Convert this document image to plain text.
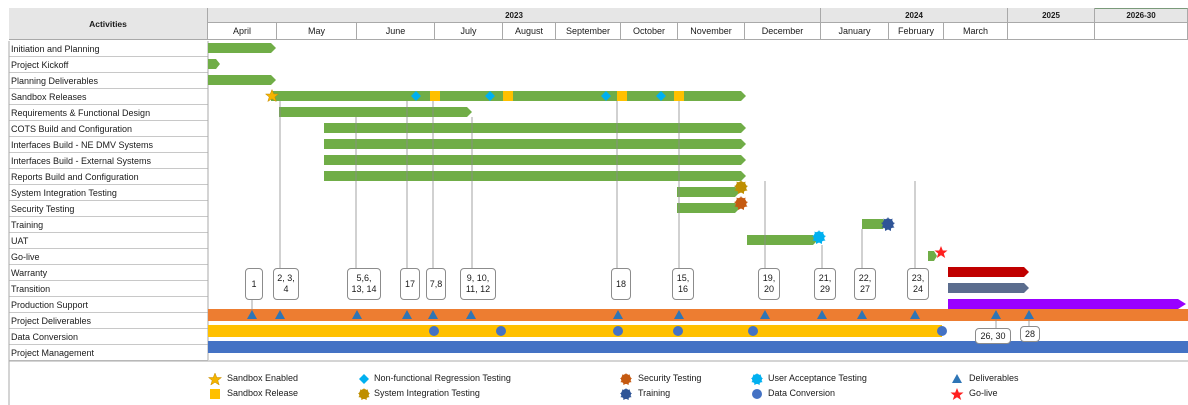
Activities
2023	2024	2025	2026-30
April	May	June	July	August	September	October	November	December	January	February	March
Initiation and Planning
Project Kickoff
Planning Deliverables
Sandbox Releases
Requirements & Functional Design
COTS Build and Configuration
Interfaces Build - NE DMV Systems
Interfaces Build - External Systems
Reports Build and Configuration
System Integration Testing
Security Testing
Training
UAT
Go-live
Warranty
Transition
Production Support
Project Deliverables
Data Conversion
Project Management
1
2, 3,
4
5,6,
13, 14
17	7,8
9, 10,
11, 12
18
15,
16
19,
20
21,
29
22,
27
23,
24
26, 30	28
Sandbox Enabled
Sandbox Release
Non-functional Regression Testing
System Integration Testing
Security Testing
Training
User Acceptance Testing
Data Conversion
Deliverables
Go-live
